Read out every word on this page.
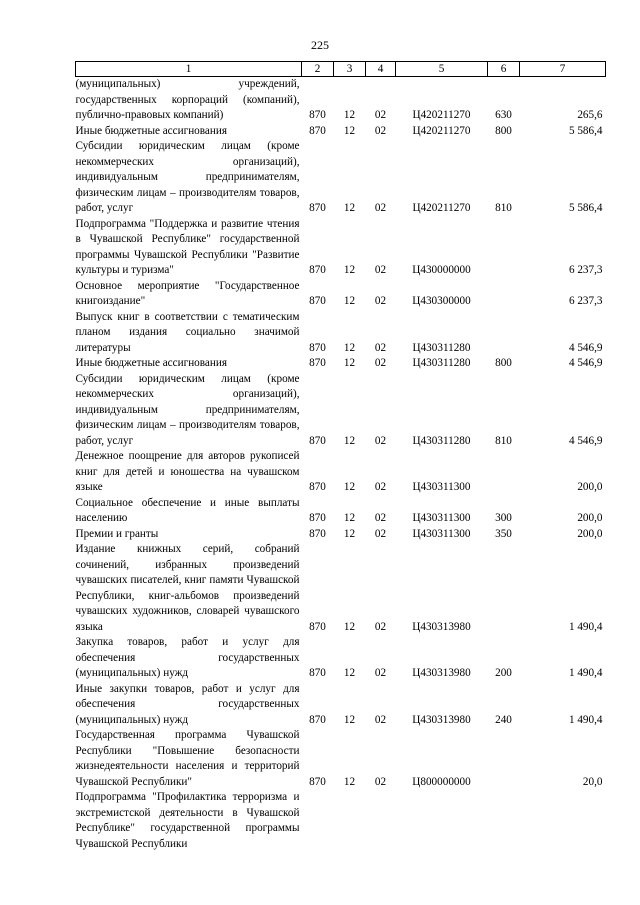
225
1	2	3	4	5	6	7

(муниципальных) учреждений, государственных корпораций (компаний), публично-правовых компаний)	870	12	02	Ц420211270	630	265,6

Иные бюджетные ассигнования	870	12	02	Ц420211270	800	5 586,4

Субсидии юридическим лицам (кроме некоммерческих организаций), индивидуальным предпринимателям, физическим лицам – производителям товаров, работ, услуг	870	12	02	Ц420211270	810	5 586,4

Подпрограмма "Поддержка и развитие чтения в Чувашской Республике" государственной программы Чувашской Республики "Развитие культуры и туризма"	870	12	02	Ц430000000		6 237,3

Основное мероприятие "Государственное книгоиздание"	870	12	02	Ц430300000		6 237,3

Выпуск книг в соответствии с тематическим планом издания социально значимой литературы	870	12	02	Ц430311280		4 546,9

Иные бюджетные ассигнования	870	12	02	Ц430311280	800	4 546,9

Субсидии юридическим лицам (кроме некоммерческих организаций), индивидуальным предпринимателям, физическим лицам – производителям товаров, работ, услуг	870	12	02	Ц430311280	810	4 546,9

Денежное поощрение для авторов рукописей книг для детей и юношества на чувашском языке	870	12	02	Ц430311300		200,0

Социальное обеспечение и иные выплаты населению	870	12	02	Ц430311300	300	200,0

Премии и гранты	870	12	02	Ц430311300	350	200,0

Издание книжных серий, собраний сочинений, избранных произведений чувашских писателей, книг памяти Чувашской Республики, книг-альбомов произведений чувашских художников, словарей чувашского языка	870	12	02	Ц430313980		1 490,4

Закупка товаров, работ и услуг для обеспечения государственных (муниципальных) нужд	870	12	02	Ц430313980	200	1 490,4

Иные закупки товаров, работ и услуг для обеспечения государственных (муниципальных) нужд	870	12	02	Ц430313980	240	1 490,4

Государственная программа Чувашской Республики "Повышение безопасности жизнедеятельности населения и территорий Чувашской Республики"	870	12	02	Ц800000000		20,0

Подпрограмма "Профилактика терроризма и экстремистской деятельности в Чувашской Республике" государственной программы Чувашской Республики						
